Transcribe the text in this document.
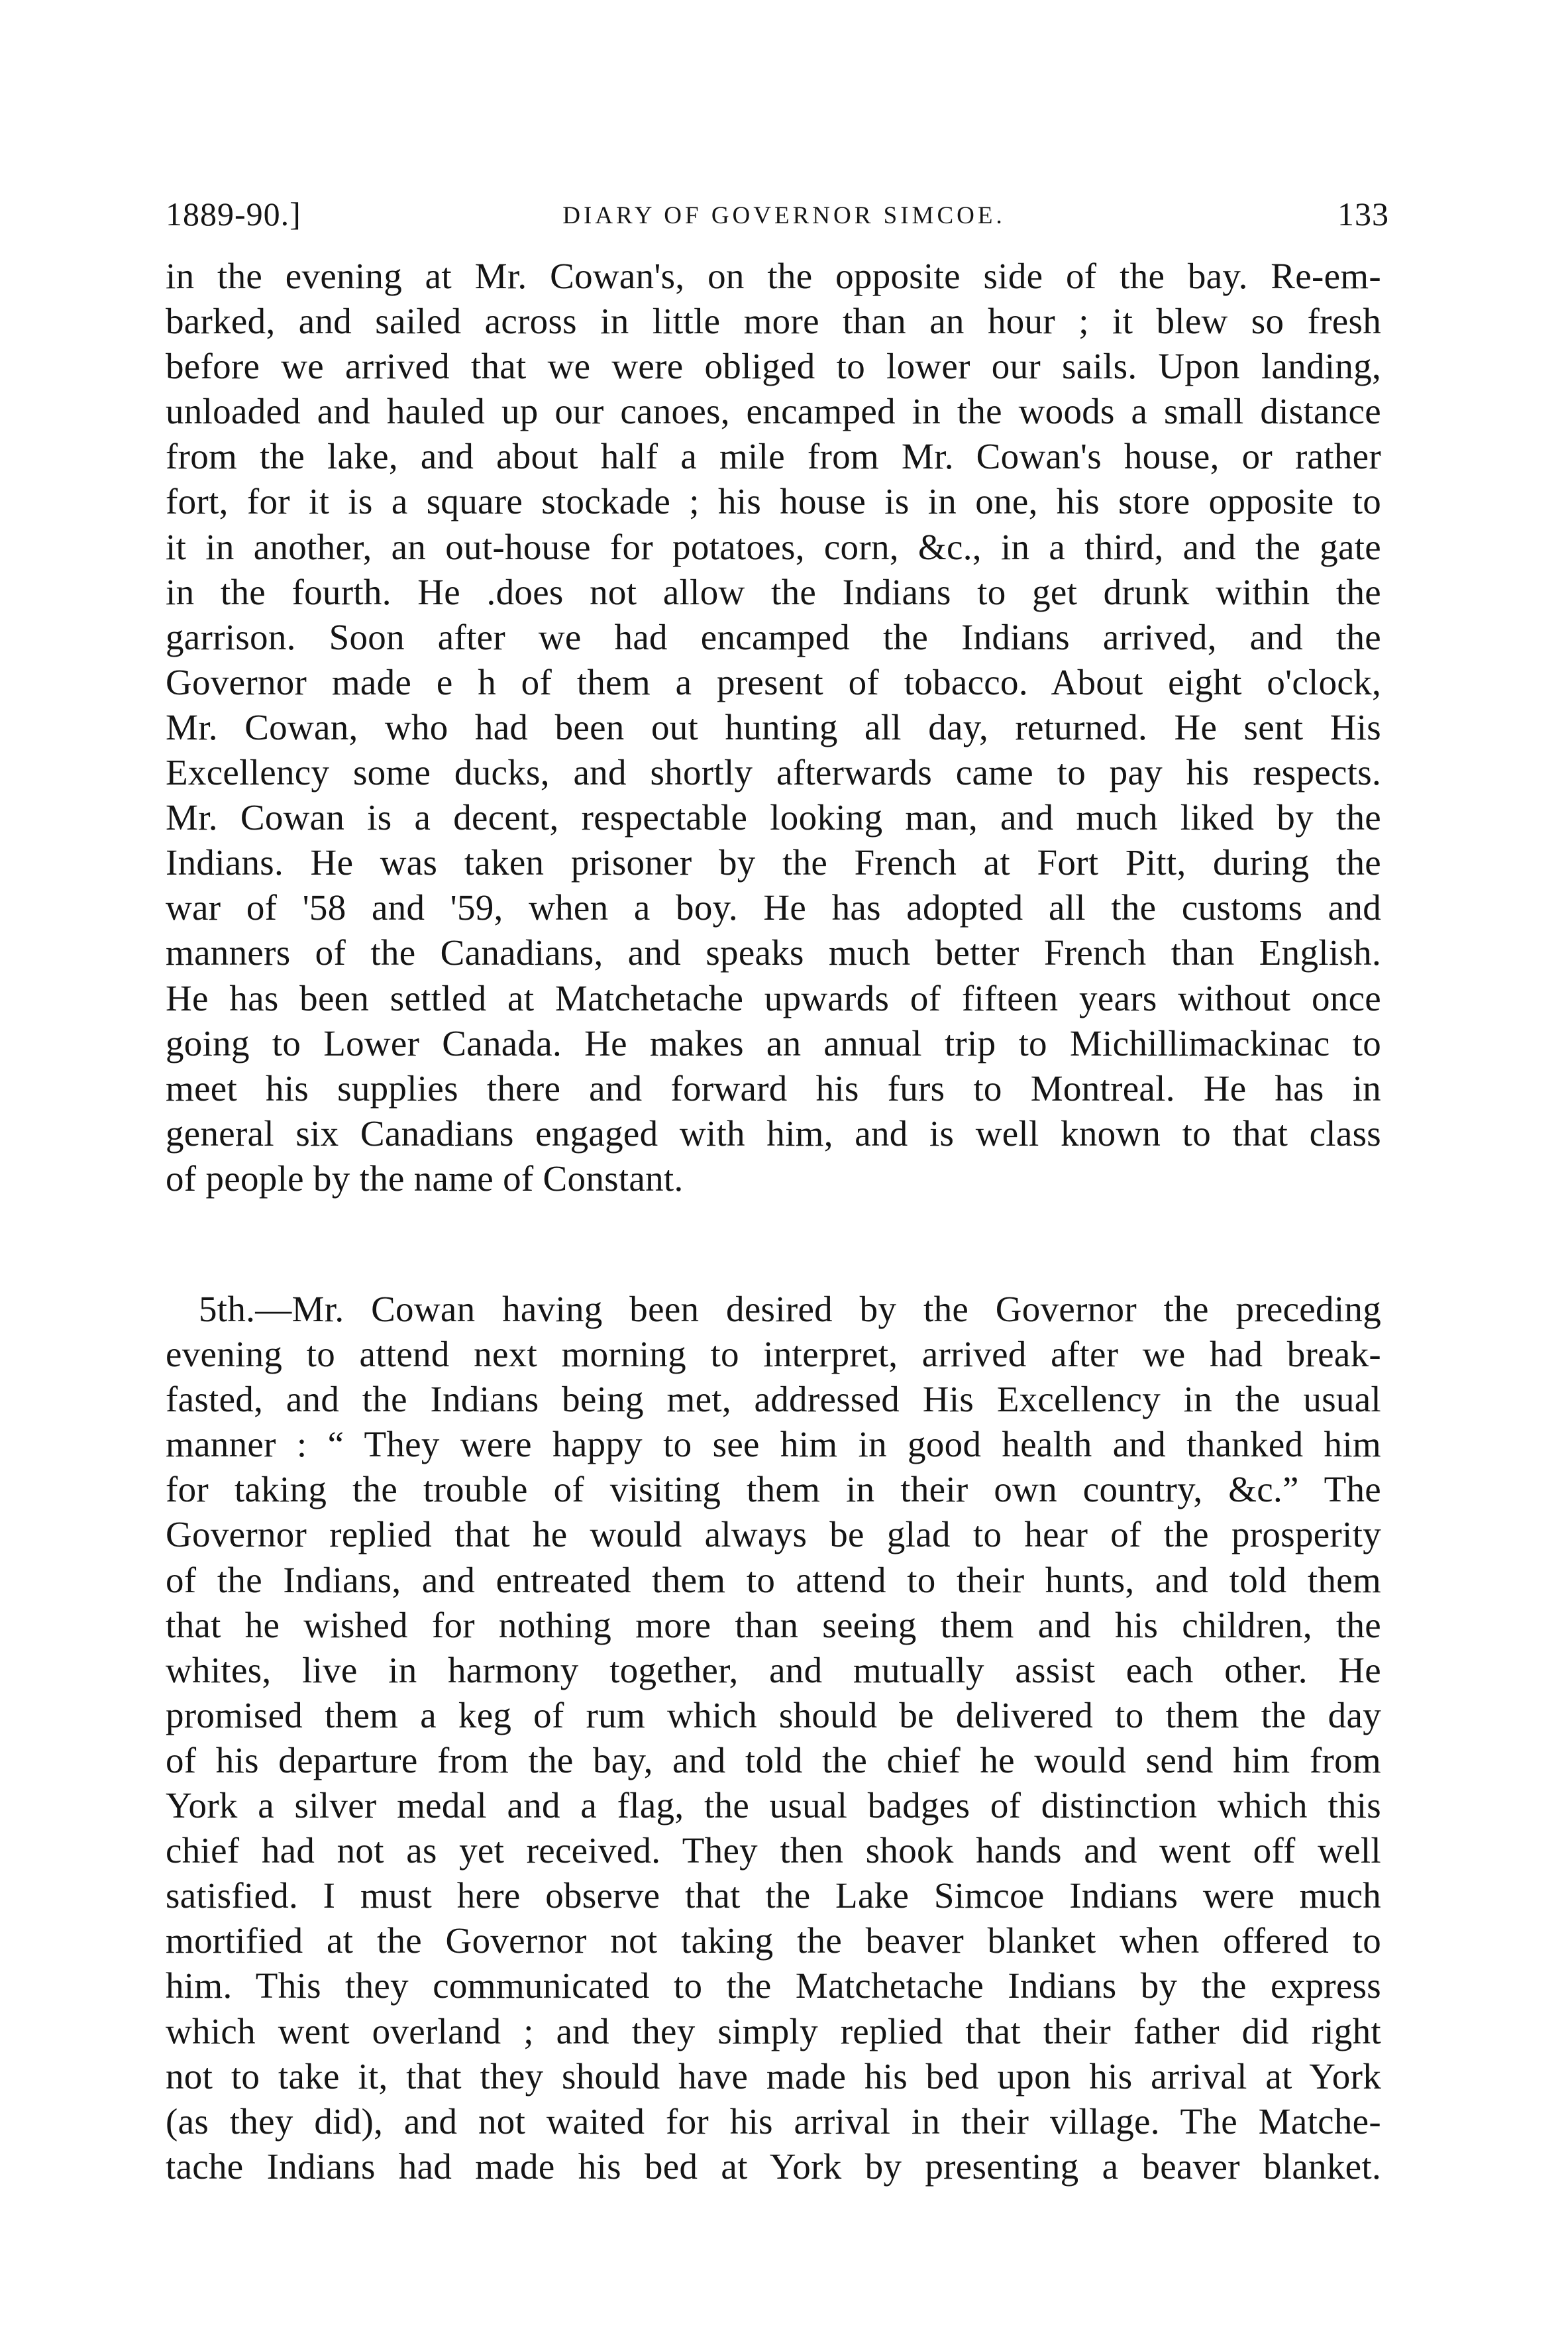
1889-90.]	DIARY OF GOVERNOR SIMCOE.	133
in the evening at Mr. Cowan's, on the opposite side of the bay. Re-em-
barked, and sailed across in little more than an hour ; it blew so fresh
before we arrived that we were obliged to lower our sails. Upon landing,
unloaded and hauled up our canoes, encamped in the woods a small distance
from the lake, and about half a mile from Mr. Cowan's house, or rather
fort, for it is a square stockade ; his house is in one, his store opposite to
it in another, an out-house for potatoes, corn, &c., in a third, and the gate
in the fourth. He .does not allow the Indians to get drunk within the
garrison. Soon after we had encamped the Indians arrived, and the
Governor made e h of them a present of tobacco. About eight o'clock,
Mr. Cowan, who had been out hunting all day, returned. He sent His
Excellency some ducks, and shortly afterwards came to pay his respects.
Mr. Cowan is a decent, respectable looking man, and much liked by the
Indians. He was taken prisoner by the French at Fort Pitt, during the
war of '58 and '59, when a boy. He has adopted all the customs and
manners of the Canadians, and speaks much better French than English.
He has been settled at Matchetache upwards of fifteen years without once
going to Lower Canada. He makes an annual trip to Michillimackinac to
meet his supplies there and forward his furs to Montreal. He has in
general six Canadians engaged with him, and is well known to that class
of people by the name of Constant.
5th.—Mr. Cowan having been desired by the Governor the preceding
evening to attend next morning to interpret, arrived after we had break-
fasted, and the Indians being met, addressed His Excellency in the usual
manner : “ They were happy to see him in good health and thanked him
for taking the trouble of visiting them in their own country, &c.” The
Governor replied that he would always be glad to hear of the prosperity
of the Indians, and entreated them to attend to their hunts, and told them
that he wished for nothing more than seeing them and his children, the
whites, live in harmony together, and mutually assist each other. He
promised them a keg of rum which should be delivered to them the day
of his departure from the bay, and told the chief he would send him from
York a silver medal and a flag, the usual badges of distinction which this
chief had not as yet received. They then shook hands and went off well
satisfied. I must here observe that the Lake Simcoe Indians were much
mortified at the Governor not taking the beaver blanket when offered to
him. This they communicated to the Matchetache Indians by the express
which went overland ; and they simply replied that their father did right
not to take it, that they should have made his bed upon his arrival at York
(as they did), and not waited for his arrival in their village. The Matche-
tache Indians had made his bed at York by presenting a beaver blanket.
